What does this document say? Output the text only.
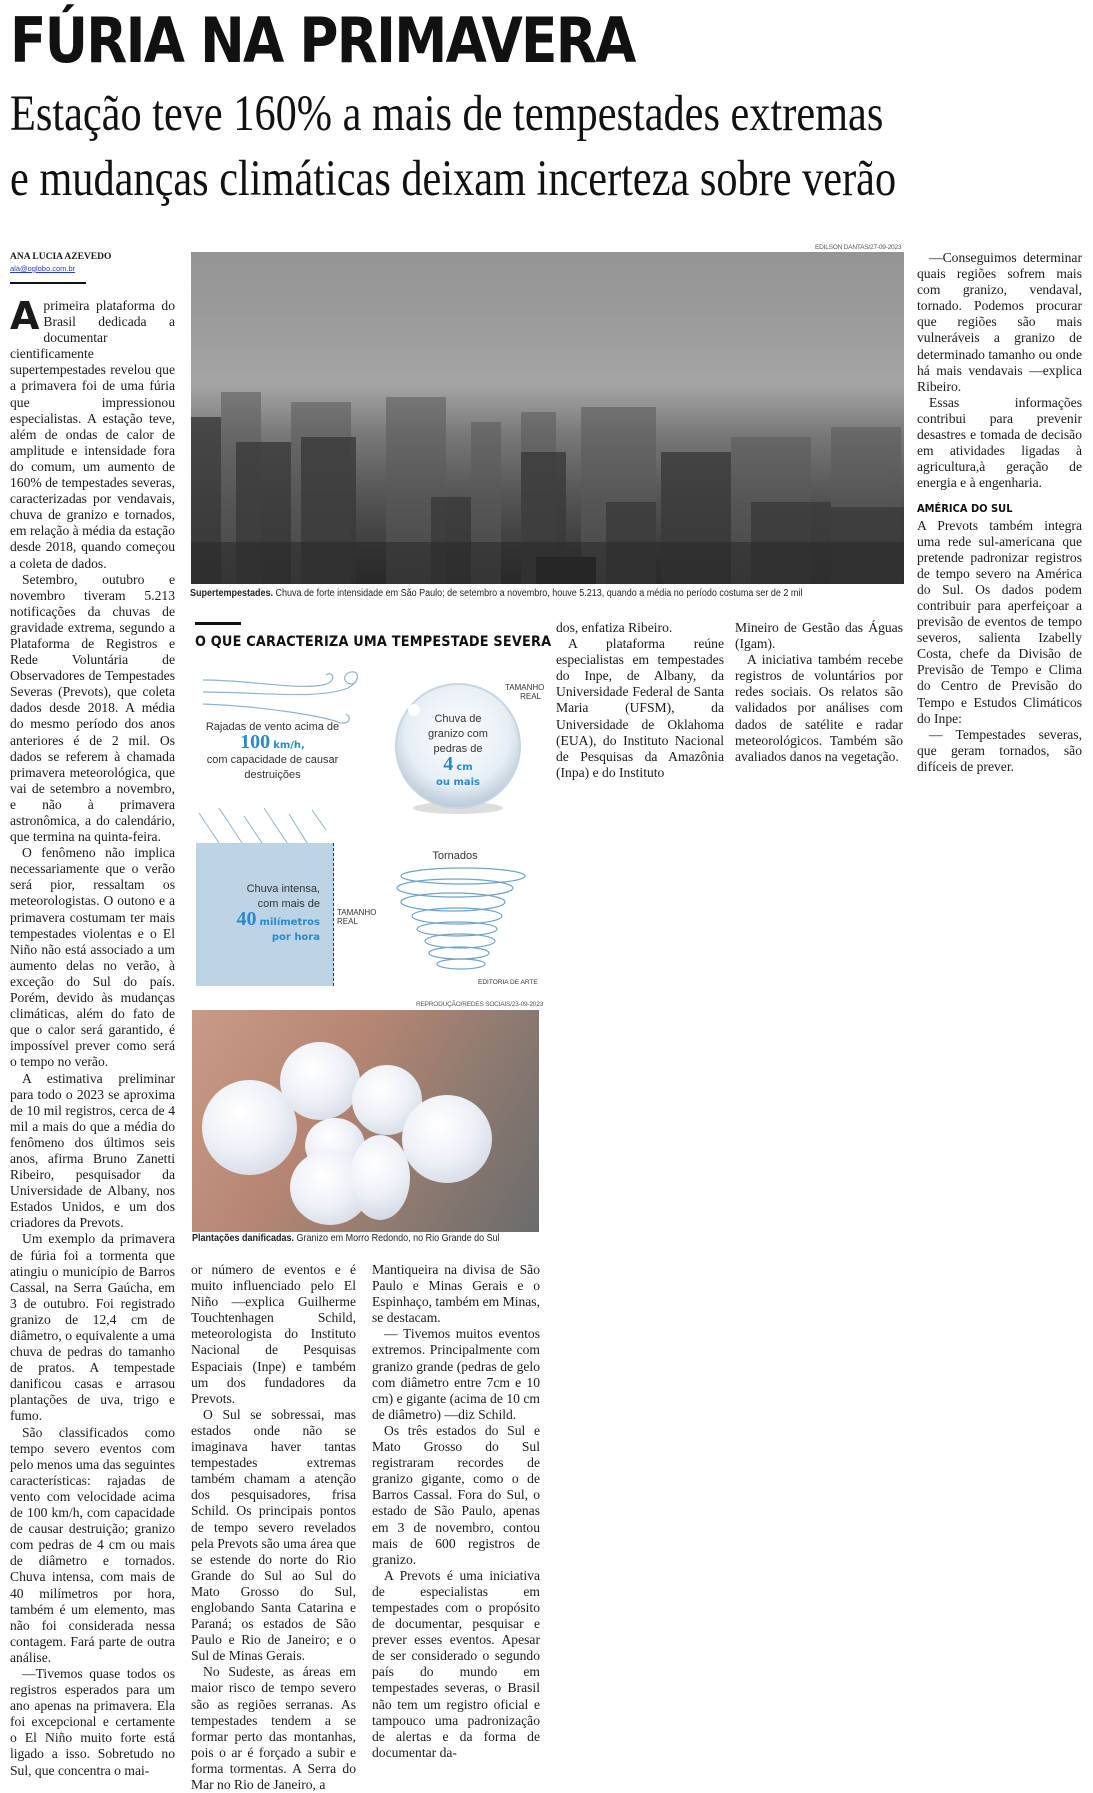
FÚRIA NA PRIMAVERA
Estação teve 160% a mais de tempestades extremas
e mudanças climáticas deixam incerteza sobre verão
ANA LUCIA AZEVEDO
ala@oglobo.com.br

Aprimeira plataforma do Brasil dedicada a documentar cientificamente supertempestades revelou que a primavera foi de uma fúria que impressionou especialistas. A estação teve, além de ondas de calor de amplitude e intensidade fora do comum, um aumento de 160% de tempestades severas, caracterizadas por vendavais, chuva de granizo e tornados, em relação à média da estação desde 2018, quando começou a coleta de dados.

Setembro, outubro e novembro tiveram 5.213 notificações da chuvas de gravidade extrema, segundo a Plataforma de Registros e Rede Voluntária de Observadores de Tempestades Severas (Prevots), que coleta dados desde 2018. A média do mesmo período dos anos anteriores é de 2 mil. Os dados se referem à chamada primavera meteorológica, que vai de setembro a novembro, e não à primavera astronômica, a do calendário, que termina na quinta-feira.

O fenômeno não implica necessariamente que o verão será pior, ressaltam os meteorologistas. O outono e a primavera costumam ter mais tempestades violentas e o El Niño não está associado a um aumento delas no verão, à exceção do Sul do país. Porém, devido às mudanças climáticas, além do fato de que o calor será garantido, é impossível prever como será o tempo no verão.

A estimativa preliminar para todo o 2023 se aproxima de 10 mil registros, cerca de 4 mil a mais do que a média do fenômeno dos últimos seis anos, afirma Bruno Zanetti Ribeiro, pesquisador da Universidade de Albany, nos Estados Unidos, e um dos criadores da Prevots.

Um exemplo da primavera de fúria foi a tormenta que atingiu o município de Barros Cassal, na Serra Gaúcha, em 3 de outubro. Foi registrado granizo de 12,4 cm de diâmetro, o equivalente a uma chuva de pedras do tamanho de pratos. A tempestade danificou casas e arrasou plantações de uva, trigo e fumo.

São classificados como tempo severo eventos com pelo menos uma das seguintes características: rajadas de vento com velocidade acima de 100 km/h, com capacidade de causar destruição; granizo com pedras de 4 cm ou mais de diâmetro e tornados. Chuva intensa, com mais de 40 milímetros por hora, também é um elemento, mas não foi considerada nessa contagem. Fará parte de outra análise.

—Tivemos quase todos os registros esperados para um ano apenas na primavera. Ela foi excepcional e certamente o El Niño muito forte está ligado a isso. Sobretudo no Sul, que concentra o mai-

EDILSON DANTAS/27-09-2023
Supertempestades. Chuva de forte intensidade em São Paulo; de setembro a novembro, houve 5.213, quando a média no período costuma ser de 2 mil
O QUE CARACTERIZA UMA TEMPESTADE SEVERA
Rajadas de vento acima de
100 km/h,
com capacidade de causar
destruições
Chuva de
granizo com
pedras de
4 cm
ou mais
TAMANHO
REAL
Chuva intensa,
com mais de
40 milímetros
por hora
TAMANHO
REAL
Tornados
EDITORIA DE ARTE

dos, enfatiza Ribeiro.

A plataforma reúne especialistas em tempestades do Inpe, de Albany, da Universidade Federal de Santa Maria (UFSM), da Universidade de Oklahoma (EUA), do Instituto Nacional de Pesquisas da Amazônia (Inpa) e do Instituto

Mineiro de Gestão das Águas (Igam).

A iniciativa também recebe registros de voluntários por redes sociais. Os relatos são validados por análises com dados de satélite e radar meteorológicos. Também são avaliados danos na vegetação.

—Conseguimos determinar quais regiões sofrem mais com granizo, vendaval, tornado. Podemos procurar que regiões são mais vulneráveis a granizo de determinado tamanho ou onde há mais vendavais —explica Ribeiro.

Essas informações contribui para prevenir desastres e tomada de decisão em atividades ligadas à agricultura,à geração de energia e à engenharia.

AMÉRICA DO SUL

A Prevots também integra uma rede sul-americana que pretende padronizar registros de tempo severo na América do Sul. Os dados podem contribuir para aperfeiçoar a previsão de eventos de tempo severos, salienta Izabelly Costa, chefe da Divisão de Previsão de Tempo e Clima do Centro de Previsão do Tempo e Estudos Climáticos do Inpe:

— Tempestades severas, que geram tornados, são difíceis de prever.

REPRODUÇÃO/REDES SOCIAIS/23-09-2023
Plantações danificadas. Granizo em Morro Redondo, no Rio Grande do Sul

or número de eventos e é muito influenciado pelo El Niño —explica Guilherme Touchtenhagen Schild, meteorologista do Instituto Nacional de Pesquisas Espaciais (Inpe) e também um dos fundadores da Prevots.

O Sul se sobressai, mas estados onde não se imaginava haver tantas tempestades extremas também chamam a atenção dos pesquisadores, frisa Schild. Os principais pontos de tempo severo revelados pela Prevots são uma área que se estende do norte do Rio Grande do Sul ao Sul do Mato Grosso do Sul, englobando Santa Catarina e Paraná; os estados de São Paulo e Rio de Janeiro; e o Sul de Minas Gerais.

No Sudeste, as áreas em maior risco de tempo severo são as regiões serranas. As tempestades tendem a se formar perto das montanhas, pois o ar é forçado a subir e forma tormentas. A Serra do Mar no Rio de Janeiro, a

Mantiqueira na divisa de São Paulo e Minas Gerais e o Espinhaço, também em Minas, se destacam.

— Tivemos muitos eventos extremos. Principalmente com granizo grande (pedras de gelo com diâmetro entre 7cm e 10 cm) e gigante (acima de 10 cm de diâmetro) —diz Schild.

Os três estados do Sul e Mato Grosso do Sul registraram recordes de granizo gigante, como o de Barros Cassal. Fora do Sul, o estado de São Paulo, apenas em 3 de novembro, contou mais de 600 registros de granizo.

A Prevots é uma iniciativa de especialistas em tempestades com o propósito de documentar, pesquisar e prever esses eventos. Apesar de ser considerado o segundo país do mundo em tempestades severas, o Brasil não tem um registro oficial e tampouco uma padronização de alertas e da forma de documentar da-
